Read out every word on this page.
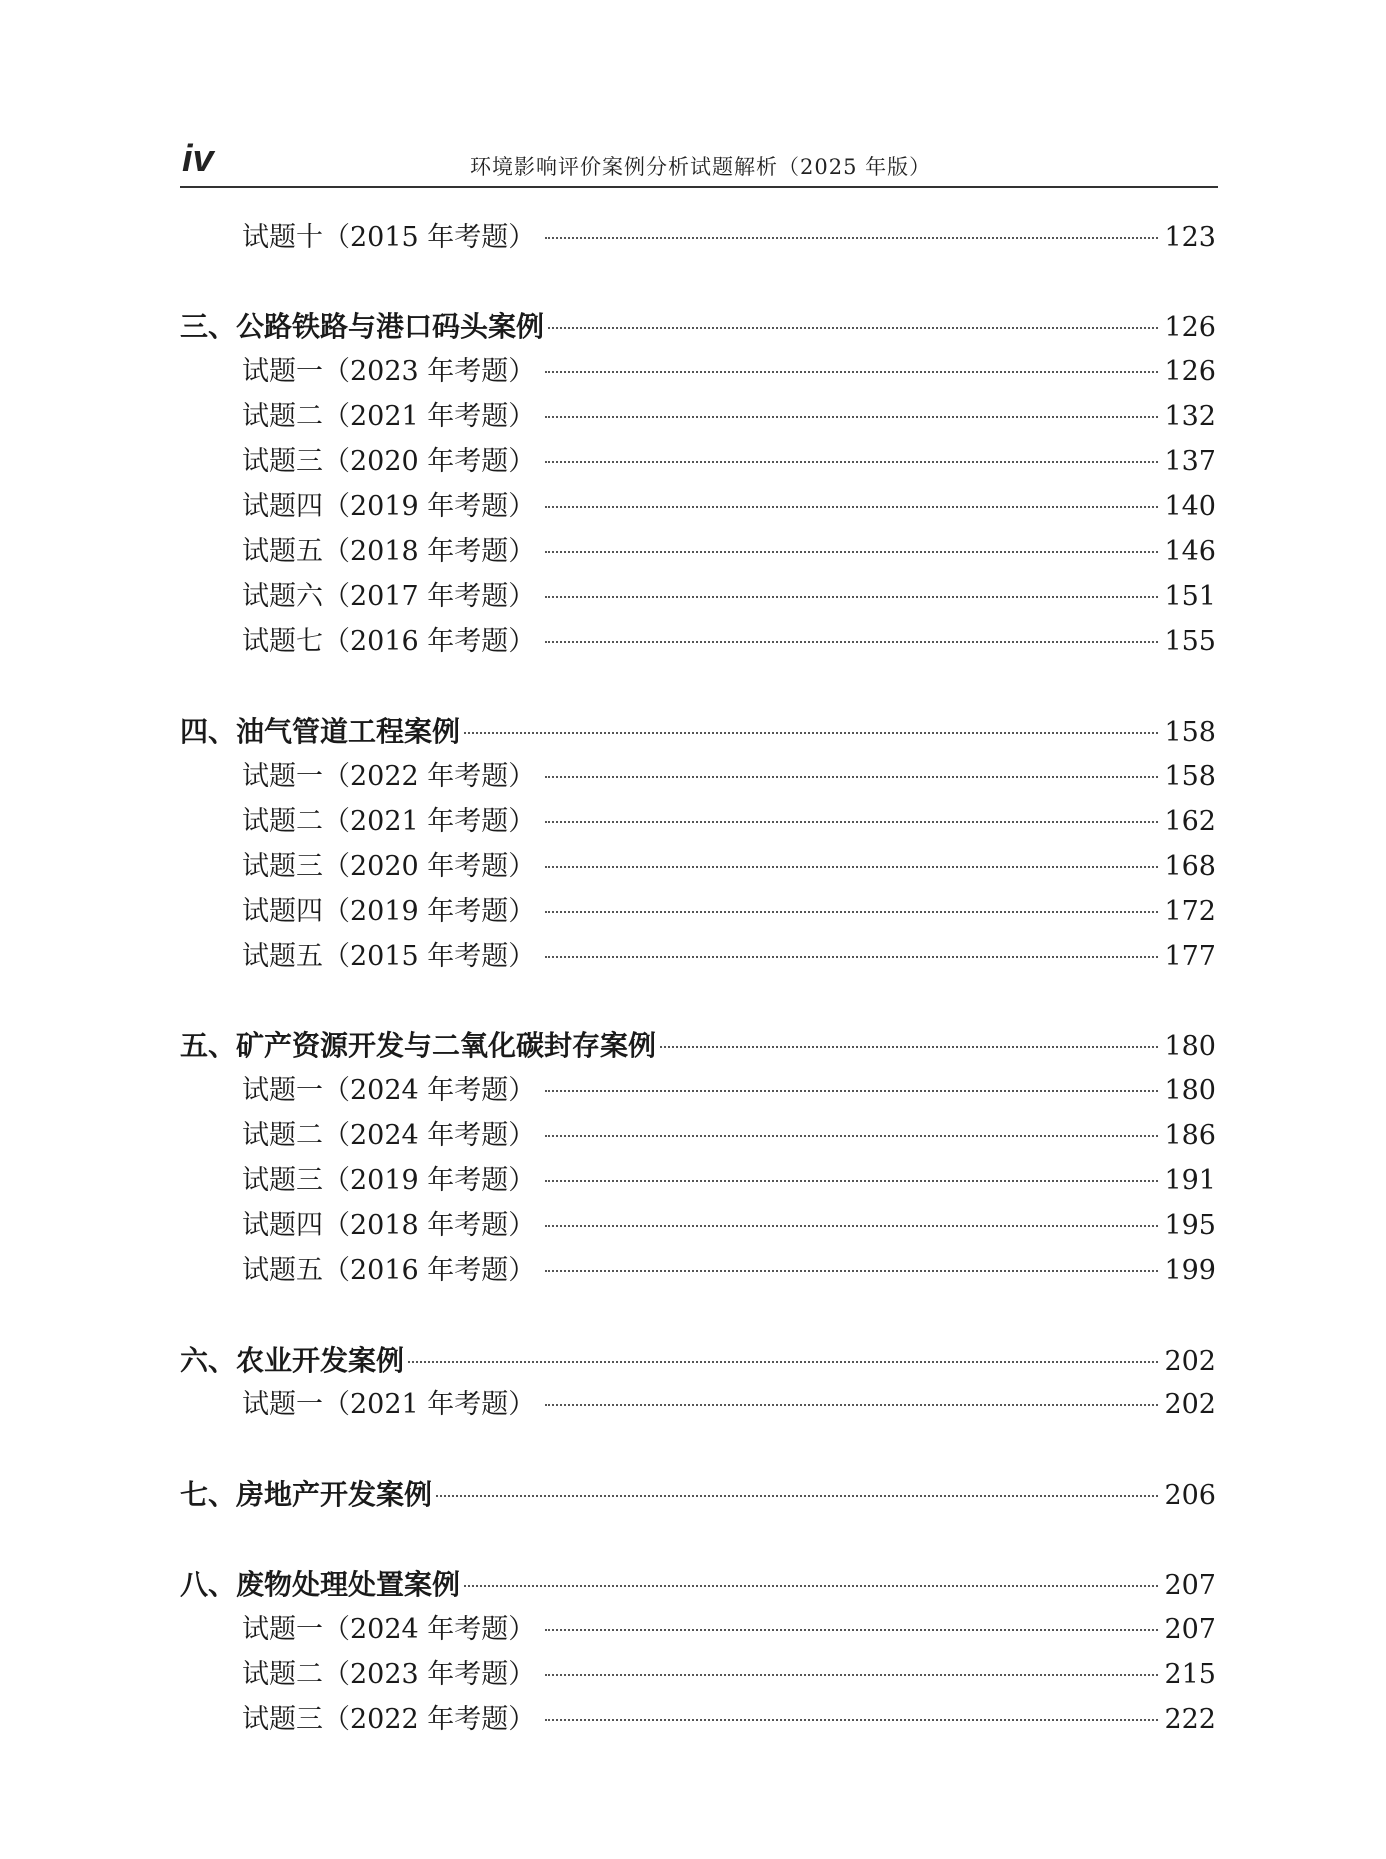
iv	环境影响评价案例分析试题解析（2025 年版）
试题十（2015 年考题）	123
三、公路铁路与港口码头案例	126
试题一（2023 年考题）	126
试题二（2021 年考题）	132
试题三（2020 年考题）	137
试题四（2019 年考题）	140
试题五（2018 年考题）	146
试题六（2017 年考题）	151
试题七（2016 年考题）	155
四、油气管道工程案例	158
试题一（2022 年考题）	158
试题二（2021 年考题）	162
试题三（2020 年考题）	168
试题四（2019 年考题）	172
试题五（2015 年考题）	177
五、矿产资源开发与二氧化碳封存案例	180
试题一（2024 年考题）	180
试题二（2024 年考题）	186
试题三（2019 年考题）	191
试题四（2018 年考题）	195
试题五（2016 年考题）	199
六、农业开发案例	202
试题一（2021 年考题）	202
七、房地产开发案例	206
八、废物处理处置案例	207
试题一（2024 年考题）	207
试题二（2023 年考题）	215
试题三（2022 年考题）	222
